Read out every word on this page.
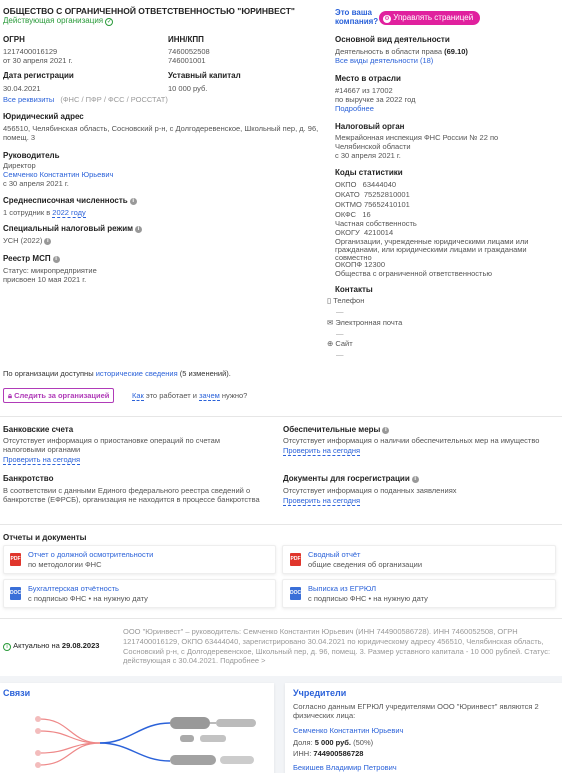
ОБЩЕСТВО С ОГРАНИЧЕННОЙ ОТВЕТСТВЕННОСТЬЮ "ЮРИНВЕСТ"
Действующая организация ✓
Это ваша компания?	⚙ Управлять страницей
ОГРН
1217400016129
от 30 апреля 2021 г.
ИНН/КПП
7460052508
746001001
Дата регистрации
30.04.2021
Уставный капитал
10 000 руб.
Все реквизиты (ФНС / ПФР / ФСС / РОССТАТ)
Юридический адрес
456510, Челябинская область, Сосновский р-н, с Долгодеревенское, Школьный пер, д. 96, помещ. 3
Руководитель
Директор
Семченко Константин Юрьевич
с 30 апреля 2021 г.
Среднесписочная численность i
1 сотрудник в 2022 году
Специальный налоговый режим i
УСН (2022) i
Реестр МСП i
Статус: микропредприятие
присвоен 10 мая 2021 г.
Основной вид деятельности
Деятельность в области права (69.10)
Все виды деятельности (18)
Место в отрасли
#14667 из 17002
по выручке за 2022 год
Подробнее
Налоговый орган
Межрайонная инспекция ФНС России № 22 по Челябинской области
с 30 апреля 2021 г.
Коды статистики
ОКПО   63444040
ОКАТО  75252810001
ОКТМО 75652410101
ОКФС   16
Частная собственность
ОКОГУ  4210014
Организации, учрежденные юридическими лицами или гражданами, или юридическими лицами и гражданами совместно
ОКОПФ 12300
Общества с ограниченной ответственностью
Контакты
▯ Телефон
—
✉ Электронная почта
—
⊕ Сайт
—
По организации доступны исторические сведения (5 изменений).
🔒︎ Следить за организацией	Как это работает и зачем нужно?
Банковские счета
Отсутствует информация о приостановке операций по счетам налоговыми органами
Проверить на сегодня
Обеспечительные меры i
Отсутствует информация о наличии обеспечительных мер на имущество
Проверить на сегодня
Банкротство
В соответствии с данными Единого федерального реестра сведений о банкротстве (ЕФРСБ), организация не находится в процессе банкротства
Документы для госрегистрации i
Отсутствует информация о поданных заявлениях
Проверить на сегодня
Отчеты и документы
PDF Отчет о должной осмотрительности
по методологии ФНС
PDF Сводный отчёт
общие сведения об организации
DOC Бухгалтерская отчётность
с подписью ФНС • на нужную дату
DOC Выписка из ЕГРЮЛ
с подписью ФНС • на нужную дату
i Актуально на 29.08.2023
ООО "Юринвест" – руководитель: Семченко Константин Юрьевич (ИНН 744900586728). ИНН 7460052508, ОГРН 1217400016129, ОКПО 63444040, зарегистрировано 30.04.2021 по юридическому адресу 456510, Челябинская область, Сосновский р-н, с Долгодеревенское, Школьный пер, д. 96, помещ. 3. Размер уставного капитала - 10 000 рублей. Статус: действующая с 30.04.2021. Подробнее >
Связи	Учредители
Согласно данным ЕГРЮЛ учредителями ООО "Юринвест" являются 2 физических лица:
Семченко Константин Юрьевич
Доля: 5 000 руб. (50%)
ИНН: 744900586728
Бекишев Владимир Петрович
